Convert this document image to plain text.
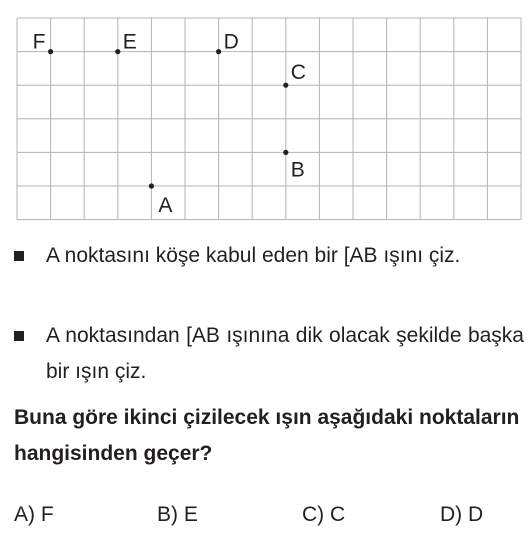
F	E	D
C
B
A
A noktasını köşe kabul eden bir [AB ışını çiz.
A noktasından [AB ışınına dik olacak şekilde başka bir ışın çiz.
Buna göre ikinci çizilecek ışın aşağıdaki noktaların hangisinden geçer?
A) F	B) E	C) C	D) D
